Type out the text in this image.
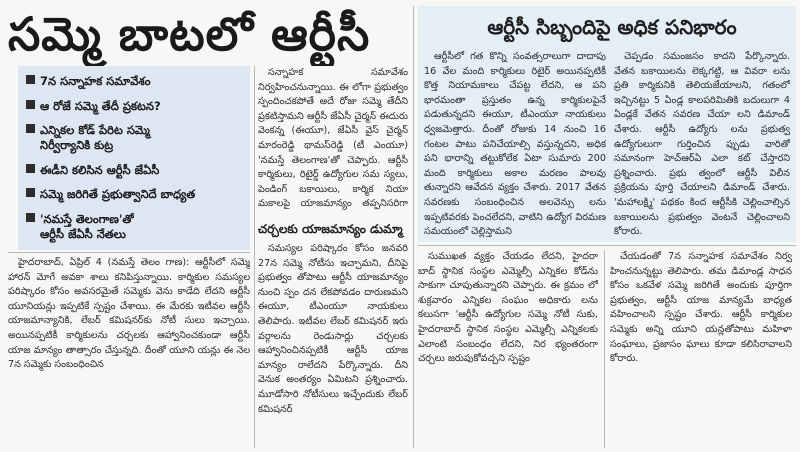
సమ్మె బాటలో ఆర్టీసీ
7న సన్నాహక సమావేశం
ఆ రోజే సమ్మె తేదీ ప్రకటన?
ఎన్నికల కోడ్ పేరిట సమ్మె
నిర్వీర్యానికి కుట్ర
ఈడీని కలిసిన ఆర్టీసీ జేఏసీ
సమ్మె జరిగితే ప్రభుత్వానిదే బాధ్యత
'నమస్తే తెలంగాణ'తో
ఆర్టీసీ జేఏసీ నేతలు

సన్నాహక సమావేశం నిర్వహించనున్నాయి. ఈ లోగా ప్రభుత్వం స్పందించకపోతే అదే రోజు సమ్మె తేదీని ప్రకటిస్తామని ఆర్టీసీ జేఏసీ చైర్మన్ ఈదురు వెంకన్న (ఈయూ), జేఏసీ వైస్ చైర్మన్ మారంరెడ్డి థామస్‌రెడ్డి (టీ ఎంయూ) 'నమస్తే తెలంగాణ'తో చెప్పారు. ఆర్టీసీ కార్మికులు, రిటైర్డ్ ఉద్యోగుల సమ స్యలు, పెండింగ్ బకాయిలు, కార్మిక నియా మకాలపై యాజమాన్యం తప్పనిసరిగా

హైదరాబాద్, ఏప్రిల్ 4 (నమస్తే తెలం గాణ): ఆర్టీసీలో సమ్మె హారన్ మోగే అవకా శాలు కనిపిస్తున్నాయి. కార్మికుల సమస్యల పరిష్కారం కోసం అవసరమైతే సమ్మెకు వెను కాడేది లేదని ఆర్టీసీ యూనియన్లు ఇప్పటికే స్పష్టం చేశాయి. ఈ మేరకు ఇటీవల ఆర్టీసీ యాజమాన్యానికి, లేబర్ కమిషనర్‌కు నోటీ సులు ఇచ్చాయి. అయినప్పటికీ కార్మికులను చర్చలకు ఆహ్వానించకుండా ఆర్టీసీ యాజ మాన్యం తాత్సారం చేస్తున్నది. దీంతో యూని యన్లు ఈ నెల 7న సమ్మెకు సంబంధించిన

చర్చలకు యాజమాన్యం డుమ్మా

సమస్యల పరిష్కారం కోసం జనవరి 27న సమ్మె నోటీసు ఇచ్చామని, దీనిపై ప్రభుత్వం తోపాటు ఆర్టీసీ యాజమాన్యం నుంచి స్పం దన లేకపోవడం దారుణమని ఈయూ, టీఎంయూ నాయకులు తెలిపారు. ఇటీవల లేబర్ కమిషనర్ ఇరు వర్గాలను రెండుసార్లు చర్చలకు ఆహ్వానించినప్పటికీ ఆర్టీసీ యాజ మాన్యం రాలేదని పేర్కొన్నారు. దీని వెనుక అంతర్యం ఏమిటని ప్రశ్నించారు. మూడోసారి నోటీసులు ఇచ్చేందుకు లేబర్ కమిషనర్

ఆర్టీసీ సిబ్బందిపై అధిక పనిభారం

ఆర్టీసీలో గత కొన్ని సంవత్సరాలుగా దాదాపు 16 వేల మంది కార్మికులు రిటైర్ అయినప్పటికీ కొత్త నియామకాలు చేపట్ట లేదని, ఆ పని భారమంతా ప్రస్తుతం ఉన్న కార్మికులపైనే పడుతున్నదని ఈయూ, టీఎంయూ నాయకులు ధ్వజమెత్తారు. దీంతో రోజుకు 14 నుంచి 16 గంటల పాటు పనిచేయాల్సి వస్తున్నదని, అధిక పని భారాన్ని తట్టుకోలేక ఏటా సుమారు 200 మంది కార్మికులు అకాల మరణం పాలవు తున్నారని ఆవేదన వ్యక్తం చేశారు. 2017 వేతన సవరణకు సంబంధించిన అలవెన్సు లను ఇప్పటివరకు పెంచలేదని, వాటిని ఉద్యోగ విరమణ సమయంలో చెల్లిస్తామని

చెప్పడం సమంజసం కాదని పేర్కొన్నారు. వేతన బకాయిలను లెక్కగట్టి, ఆ వివరా లను ప్రతి కార్మికునికి తెలియజేయాలని, గతంలో ఇచ్చినట్టు 5 ఏండ్ల కాలపరిమితికి బదులుగా 4 ఏండ్లకే వేతన సవరణ చేయా లని డిమాండ్ చేశారు. ఆర్టీసీ ఉద్యోగు లను ప్రభుత్వ ఉద్యోగులుగా గుర్తించిన ప్పుడు వారితో సమానంగా హెచ్‌ఆర్‌ఏ ఎలా కట్ చేస్తారని ప్రశ్నించారు. ప్రభు త్వంలో ఆర్టీసీ విలీన ప్రక్రియను పూర్తి చేయాలని డిమాండ్ చేశారు. 'మహాలక్ష్మి' పథకం కింద ఆర్టీసీకి చెల్లించాల్సిన బకాయిలను ప్రభుత్వం వెంటనే చెల్లించాలని కోరారు.

సుముఖత వ్యక్తం చేయడం లేదని, హైదరా బాద్ స్థానిక సంస్థల ఎమ్మెల్సీ ఎన్నికల కోడ్‌ను సాకుగా చూపుతున్నారని చెప్పారు. ఈ క్రమం లో శుక్రవారం ఎన్నికల సంఘం అధికారు లను కలుసగా 'ఆర్టీసీ ఉద్యోగుల సమ్మె నోటీ సుకు, హైదరాబాద్ స్థానిక సంస్థల ఎమ్మెల్సీ ఎన్నికలకు ఎలాంటి సంబంధం లేదని, నిర భ్యంతరంగా చర్చలు జరుపుకోవచ్చని స్పష్టం

చేయడంతో 7న సన్నాహక సమావేశం నిర్వ హించనున్నట్టు తెలిపారు. తమ డిమాండ్ల సాధన కోసం ఒకవేళ సమ్మె జరిగితే అందుకు పూర్తిగా ప్రభుత్వం, ఆర్టీసీ యాజ మాన్యమే బాధ్యత వహించాలని స్పష్టం చేశారు. ఆర్టీసీ కార్మికుల సమ్మెకు అన్ని యూని యన్లతోపాటు మహిళా సంఘాలు, ప్రజాసం ఘాలు కూడా కలిసిరావాలని కోరారు.
